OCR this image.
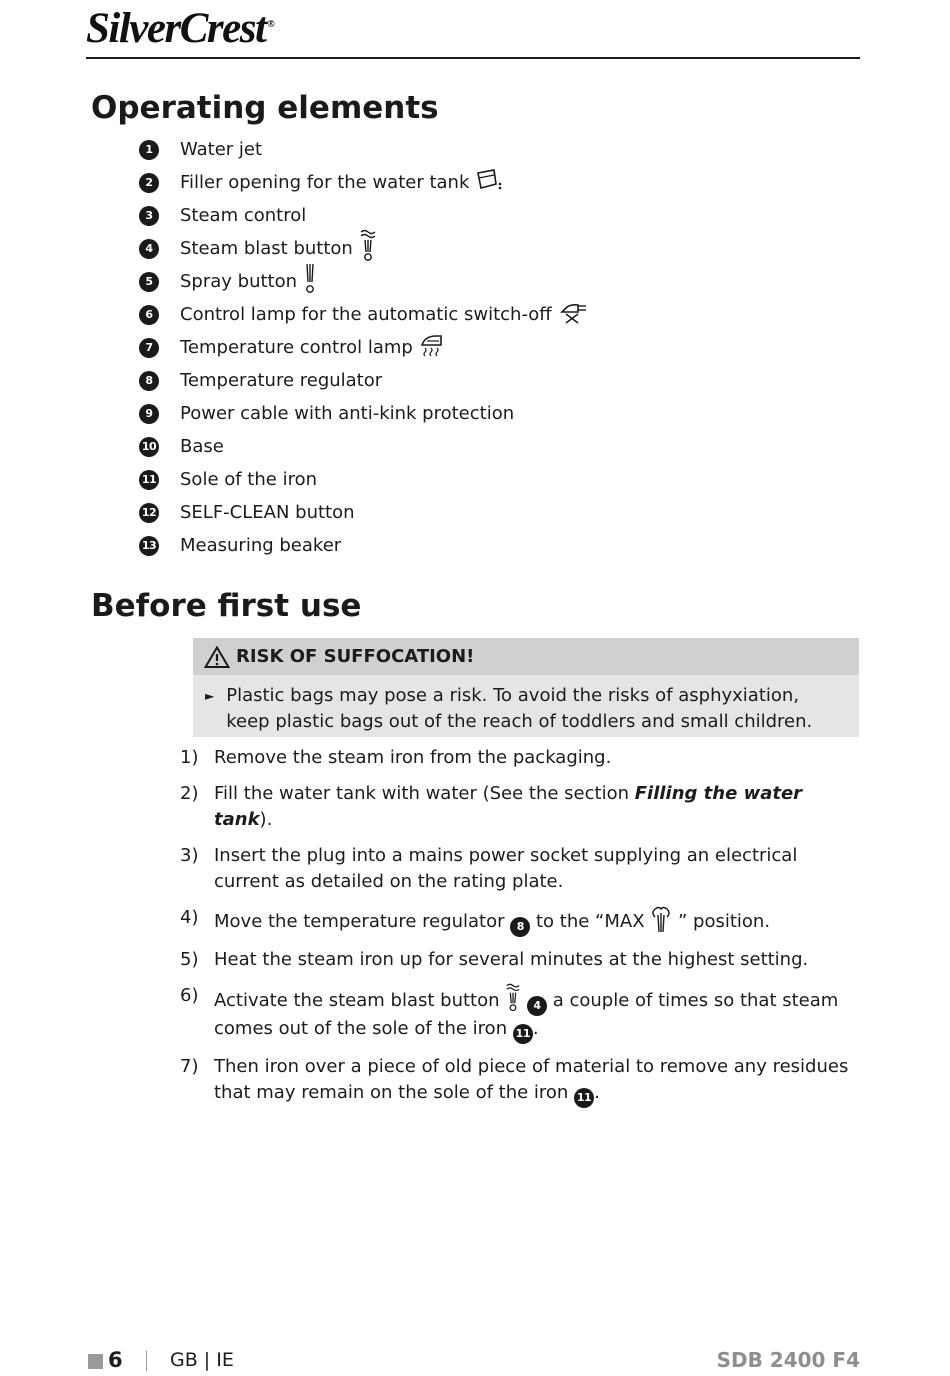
SilverCrest ®
Operating elements
1	Water jet
2	Filler opening for the water tank
3	Steam control
4	Steam blast button
5	Spray button
6	Control lamp for the automatic switch-off
7	Temperature control lamp
8	Temperature regulator
9	Power cable with anti-kink protection
10 Base
11 Sole of the iron
12 SELF-CLEAN button
13 Measuring beaker
Before first use
RISK OF SUFFOCATION!
► Plastic bags may pose a risk. To avoid the risks of asphyxiation, keep plastic bags out of the reach of toddlers and small children.
1) Remove the steam iron from the packaging.
2) Fill the water tank with water (See the section Filling the water tank).
3) Insert the plug into a mains power socket supplying an electrical current as detailed on the rating plate.
4) Move the temperature regulator 8 to the “MAX  ” position.
5) Heat the steam iron up for several minutes at the highest setting.
6) Activate the steam blast button	4 a couple of times so that steam comes out of the sole of the iron 11 .
7) Then iron over a piece of old piece of material to remove any residues that may remain on the sole of the iron 11 .
6 GB | IE	SDB 2400 F4
